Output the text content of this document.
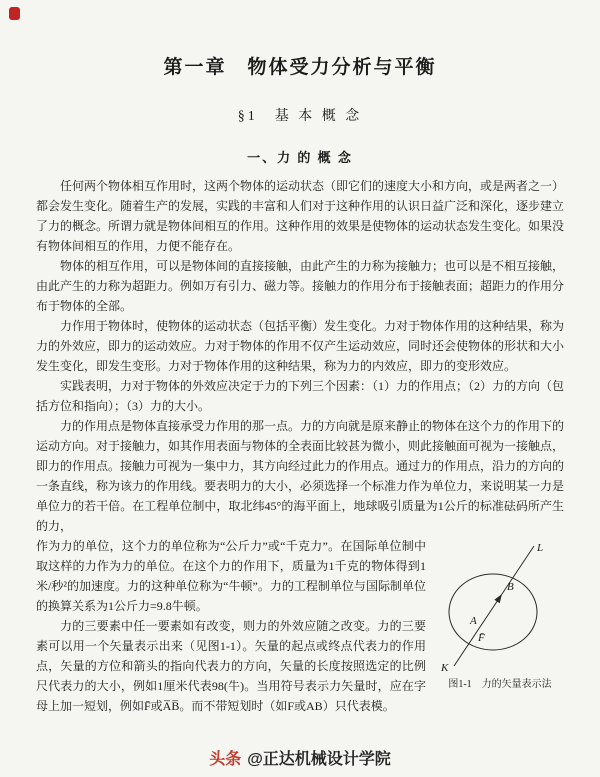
第一章　物体受力分析与平衡
§1　基 本 概 念
一、力 的 概 念

任何两个物体相互作用时，这两个物体的运动状态（即它们的速度大小和方向，或是两者之一）都会发生变化。随着生产的发展，实践的丰富和人们对于这种作用的认识日益广泛和深化，逐步建立了力的概念。所谓力就是物体间相互的作用。这种作用的效果是使物体的运动状态发生变化。如果没有物体间相互的作用，力便不能存在。

物体的相互作用，可以是物体间的直接接触，由此产生的力称为接触力；也可以是不相互接触，由此产生的力称为超距力。例如万有引力、磁力等。接触力的作用分布于接触表面；超距力的作用分布于物体的全部。

力作用于物体时，使物体的运动状态（包括平衡）发生变化。力对于物体作用的这种结果，称为力的外效应，即力的运动效应。力对于物体的作用不仅产生运动效应，同时还会使物体的形状和大小发生变化，即发生变形。力对于物体作用的这种结果，称为力的内效应，即力的变形效应。

实践表明，力对于物体的外效应决定于力的下列三个因素：（1）力的作用点；（2）力的方向（包括方位和指向）；（3）力的大小。

力的作用点是物体直接承受力作用的那一点。力的方向就是原来静止的物体在这个力的作用下的运动方向。对于接触力，如其作用表面与物体的全表面比较甚为微小，则此接触面可视为一接触点，即力的作用点。接触力可视为一集中力，其方向经过此力的作用点。通过力的作用点，沿力的方向的一条直线，称为该力的作用线。要表明力的大小，必须选择一个标准力作为单位力，来说明某一力是单位力的若干倍。在工程单位制中，取北纬45°的海平面上，地球吸引质量为1公斤的标准砝码所产生的力，

L
B
A
F̄
K
图1-1　力的矢量表示法

作为力的单位，这个力的单位称为“公斤力”或“千克力”。在国际单位制中取这样的力作为力的单位。在这个力的作用下，质量为1千克的物体得到1米/秒²的加速度。力的这种单位称为“牛顿”。力的工程制单位与国际制单位的换算关系为1公斤力=9.8牛顿。

力的三要素中任一要素如有改变，则力的外效应随之改变。力的三要素可以用一个矢量表示出来（见图1-1）。矢量的起点或终点代表力的作用点，矢量的方位和箭头的指向代表力的方向，矢量的长度按照选定的比例尺代表力的大小，例如1厘米代表98(牛)。当用符号表示力矢量时，应在字母上加一短划，例如F̄或A̅B̅。而不带短划时（如F或AB）只代表模。

头条 @正达机械设计学院
